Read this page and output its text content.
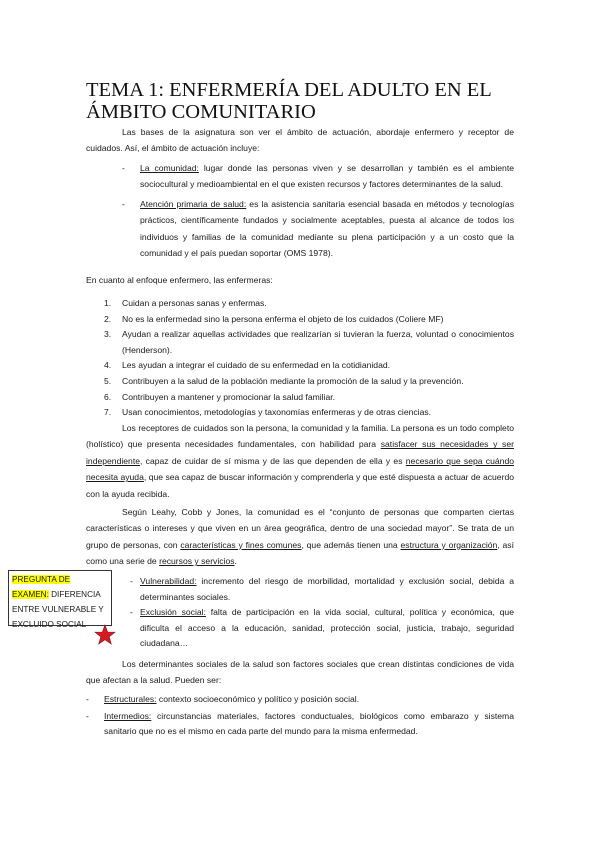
TEMA 1: ENFERMERÍA DEL ADULTO EN EL
ÁMBITO COMUNITARIO
Las bases de la asignatura son ver el ámbito de actuación, abordaje enfermero y receptor de cuidados. Así, el ámbito de actuación incluye:
- La comunidad: lugar donde las personas viven y se desarrollan y también es el ambiente sociocultural y medioambiental en el que existen recursos y factores determinantes de la salud.
- Atención primaria de salud: es la asistencia sanitaria esencial basada en métodos y tecnologías prácticos, científicamente fundados y socialmente aceptables, puesta al alcance de todos los individuos y familias de la comunidad mediante su plena participación y a un costo que la comunidad y el país puedan soportar (OMS 1978).
En cuanto al enfoque enfermero, las enfermeras:
1. Cuidan a personas sanas y enfermas.
2. No es la enfermedad sino la persona enferma el objeto de los cuidados (Coliere MF)
3. Ayudan a realizar aquellas actividades que realizarían si tuvieran la fuerza, voluntad o conocimientos (Henderson).
4. Les ayudan a integrar el cuidado de su enfermedad en la cotidianidad.
5. Contribuyen a la salud de la población mediante la promoción de la salud y la prevención.
6. Contribuyen a mantener y promocionar la salud familiar.
7. Usan conocimientos, metodologías y taxonomías enfermeras y de otras ciencias.
Los receptores de cuidados son la persona, la comunidad y la familia. La persona es un todo completo (holístico) que presenta necesidades fundamentales, con habilidad para satisfacer sus necesidades y ser independiente, capaz de cuidar de sí misma y de las que dependen de ella y es necesario que sepa cuándo necesita ayuda, que sea capaz de buscar información y comprenderla y que esté dispuesta a actuar de acuerdo con la ayuda recibida.
Según Leahy, Cobb y Jones, la comunidad es el “conjunto de personas que comparten ciertas características o intereses y que viven en un área geográfica, dentro de una sociedad mayor”. Se trata de un grupo de personas, con características y fines comunes, que además tienen una estructura y organización, así como una serie de recursos y servicios.
PREGUNTA DE EXAMEN: DIFERENCIA ENTRE VULNERABLE Y EXCLUIDO SOCIAL
- Vulnerabilidad: incremento del riesgo de morbilidad, mortalidad y exclusión social, debida a determinantes sociales.
- Exclusión social: falta de participación en la vida social, cultural, política y económica, que dificulta el acceso a la educación, sanidad, protección social, justicia, trabajo, seguridad ciudadana…
Los determinantes sociales de la salud son factores sociales que crean distintas condiciones de vida que afectan a la salud. Pueden ser:
- Estructurales: contexto socioeconómico y político y posición social.
- Intermedios: circunstancias materiales, factores conductuales, biológicos como embarazo y sistema sanitario que no es el mismo en cada parte del mundo para la misma enfermedad.
